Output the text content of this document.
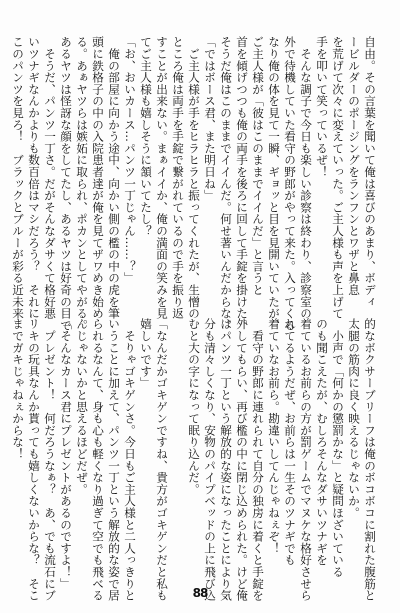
自由。その言葉を聞いて俺は喜びのあまり、ボディ
ービルダーのポージングをランフンとワザと鼻息
を荒げて次々に変えていった。ご主人様も声を上げて
手を叩いて笑っているぜ！
　そんな調子で今日も楽しい診察は終わり、診察室の
外で待機していた看守の野郎がやって来た。入ってくる
なり俺の体を見て一瞬、ギョッと目を見開いていたが、
ご主人様が「彼はこのままでイイんだ」と言うと
首を傾げつつも俺の両手を後ろに回して手錠を掛けた。
そうだ俺はこのままでイイんだ。何せ著いんだからな。
「ではボース君、また明日ね」
　ご主人様が手をヒラヒラと振ってくれたが、生憎の
ところ俺は両手を手錠で繋がれているので手を振り返
すことが出来ない。まぁイイか、俺の満面の笑みを見
てご主人様も嬉しそうに頷いてたし？
「お、おいカース…パンツ一丁じゃん……？」
　俺の部屋に向かう途中、向かい側の檻の中の虎を筆
頭に鉄格子の中の入院患者達が俺を見てザワめき始め
る。あぁヤツらは嫉妬に取られ、ポカンとしてやがる。
あるヤツは怪訝な顔をしてたし、あるヤツは好奇の目で
　そうだ、パンツ一丁さ。だがそんなダサくて格好悪
いツナギなんかよりも数百倍はマシだろう？　それに
このパンツを見ろ！　ブラックとブルーが彩る近未来
的なボクサーブリーフは俺のボコボコに割れた腹筋と
太腿の筋肉に良く映えるじゃないか。
　小声で「何かの懲罰かな」と疑問ほざいている
のも聞こえたが、むしろそんなダサいツナギを
着ているお前らの方が罰ゲームでマヌケな格好させら
れてるようだぜ、お前らは一生そのツナギでも
着ていなお前ら。勘違いしてんじゃねぇぞ！
　看守の野郎に連れられて自分の独房に着くと手錠を
外してもらい、再び檻の中に閉じ込められた。けど俺
はパンツ一丁という解放的な姿になったことにより気
分も清々しくなり、安物のパイプベッドの上に飛び込
むと大の字になって眠り込んだ。

「なんだかゴキゲンですね、貴方がゴキゲンだと私も
嬉しいです」
　そりゃゴキゲンさ。今日もご主人様と二人っきりと
いうことに加えて、パンツ一丁という解放的な姿で居
られるなんて、身も心も軽くなり過ぎて空でも飛べる
んじゃないかと思えるほどだぜ。
「そんなカース君にプレゼントがあるのですよ！」
　プレゼント！　何だろうなぁ？　あ、でも流石にブ
リキの玩具なんか貰っても嬉しくないからな？　そこ
までガキじゃねぇからな！
88
